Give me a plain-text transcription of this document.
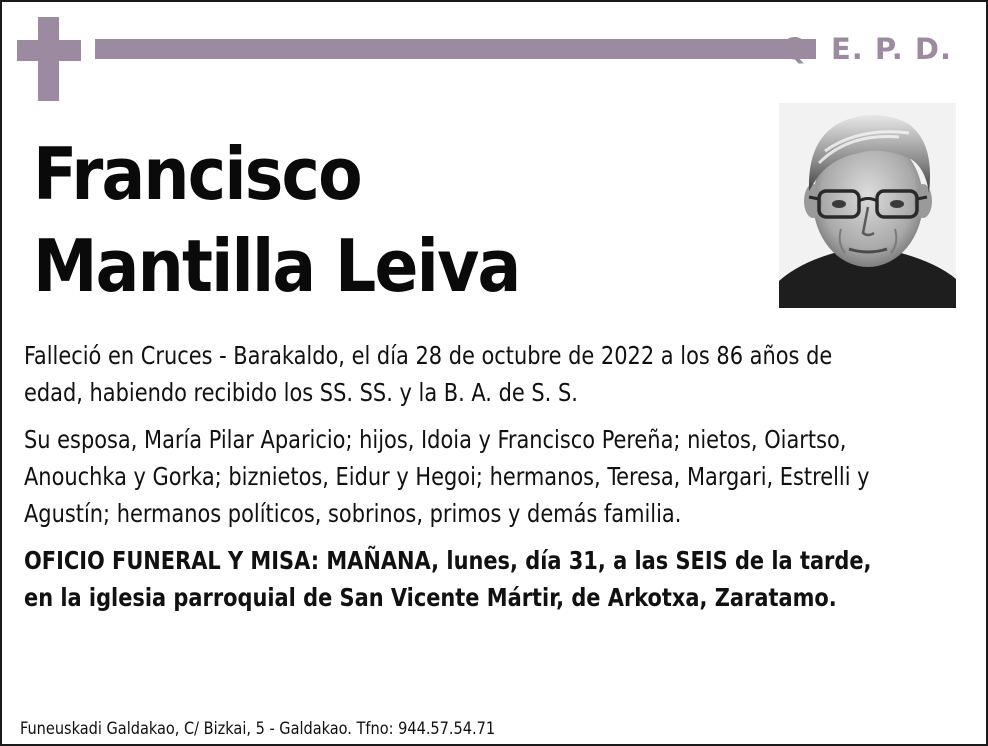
Q. E. P. D.
Francisco
Mantilla Leiva

Falleció en Cruces - Barakaldo, el día 28 de octubre de 2022 a los 86 años de edad, habiendo recibido los SS. SS. y la B. A. de S. S.

Su esposa, María Pilar Aparicio; hijos, Idoia y Francisco Pereña; nietos, Oiartso, Anouchka y Gorka; biznietos, Eidur y Hegoi; hermanos, Teresa, Margari, Estrelli y Agustín; hermanos políticos, sobrinos, primos y demás familia.

OFICIO FUNERAL Y MISA: MAÑANA, lunes, día 31, a las SEIS de la tarde, en la iglesia parroquial de San Vicente Mártir, de Arkotxa, Zaratamo.

Funeuskadi Galdakao, C/ Bizkai, 5 - Galdakao. Tfno: 944.57.54.71
